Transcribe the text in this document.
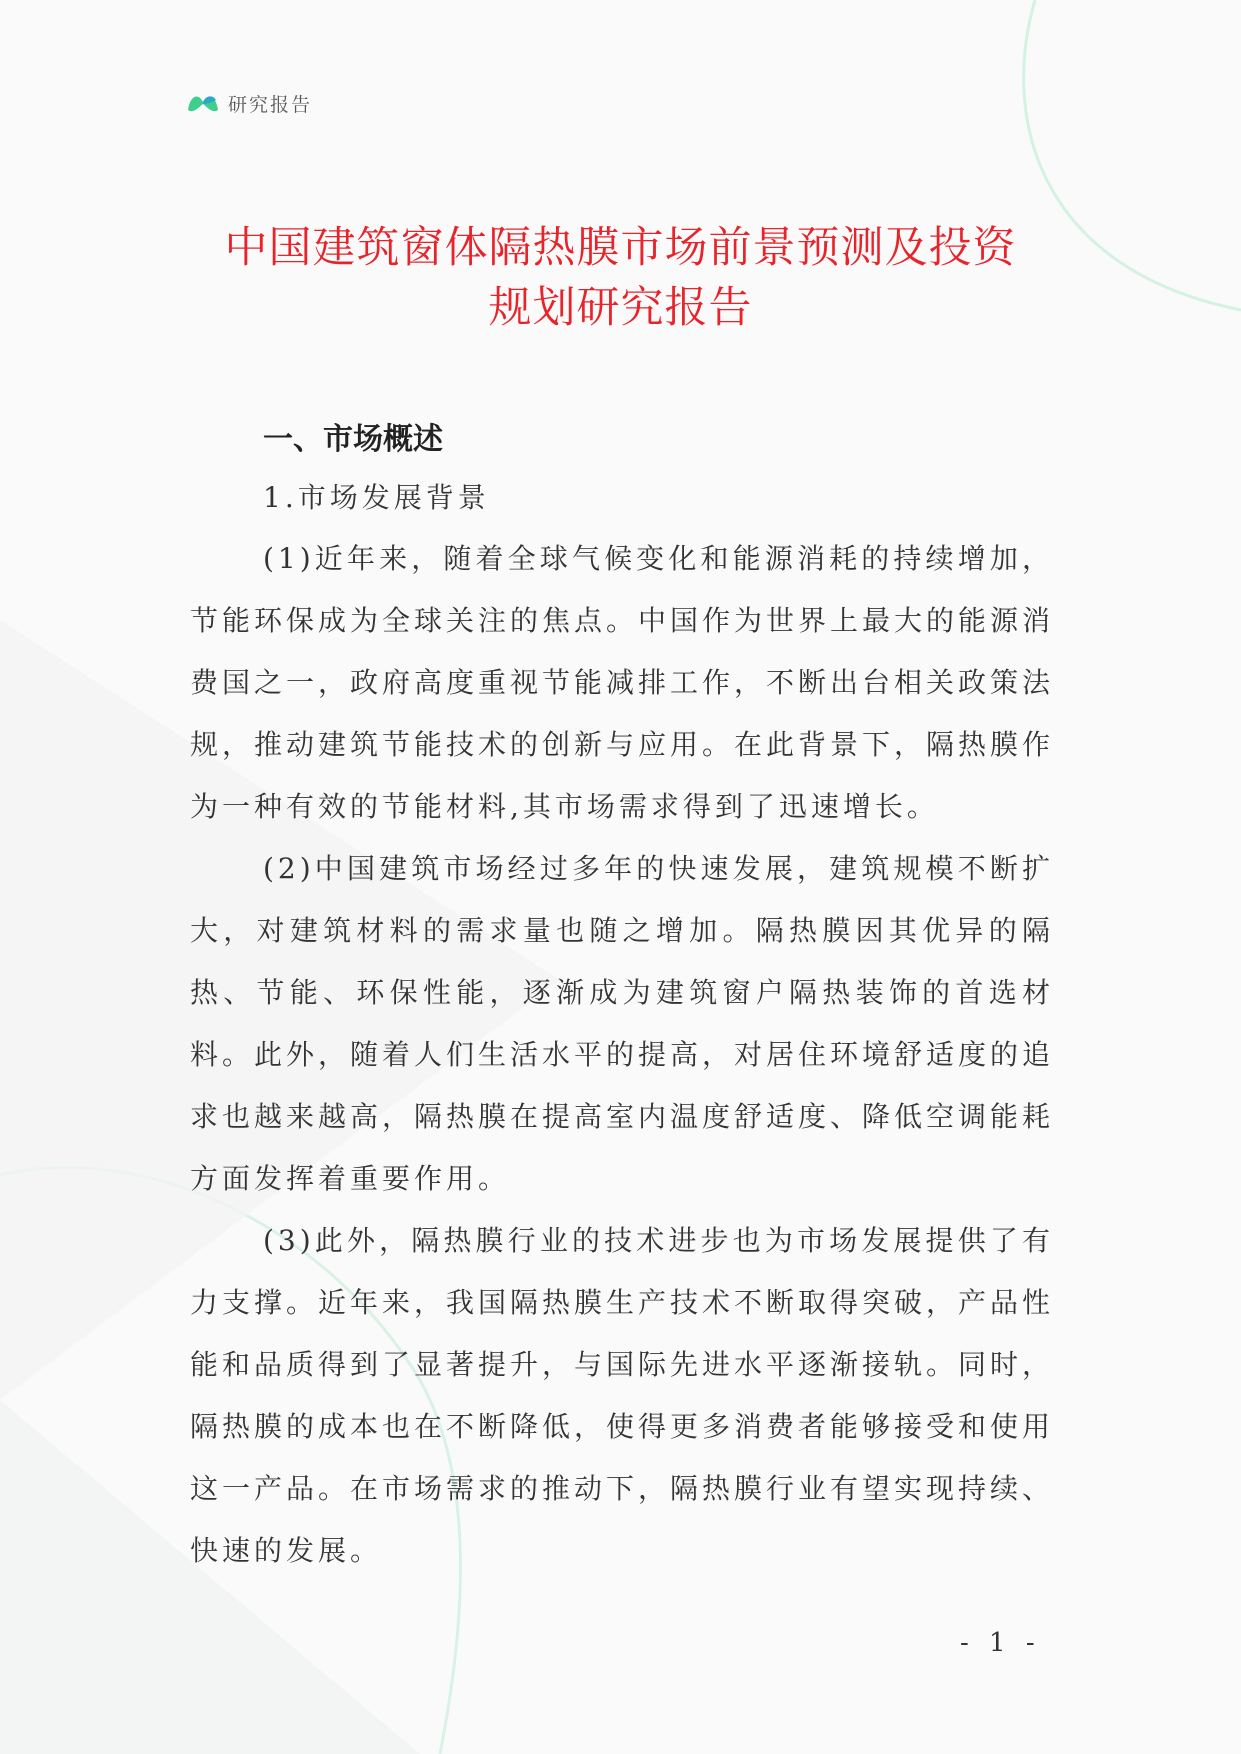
研究报告
中国建筑窗体隔热膜市场前景预测及投资
规划研究报告
一、市场概述
1.市场发展背景

(1)近年来，随着全球气候变化和能源消耗的持续增加，节能环保成为全球关注的焦点。中国作为世界上最大的能源消费国之一，政府高度重视节能减排工作，不断出台相关政策法规，推动建筑节能技术的创新与应用。在此背景下，隔热膜作为一种有效的节能材料,其市场需求得到了迅速增长。

(2)中国建筑市场经过多年的快速发展，建筑规模不断扩大，对建筑材料的需求量也随之增加。隔热膜因其优异的隔热、节能、环保性能，逐渐成为建筑窗户隔热装饰的首选材料。此外，随着人们生活水平的提高，对居住环境舒适度的追求也越来越高，隔热膜在提高室内温度舒适度、降低空调能耗方面发挥着重要作用。

(3)此外，隔热膜行业的技术进步也为市场发展提供了有力支撑。近年来，我国隔热膜生产技术不断取得突破，产品性能和品质得到了显著提升，与国际先进水平逐渐接轨。同时，隔热膜的成本也在不断降低，使得更多消费者能够接受和使用这一产品。在市场需求的推动下，隔热膜行业有望实现持续、快速的发展。

- 1 -
